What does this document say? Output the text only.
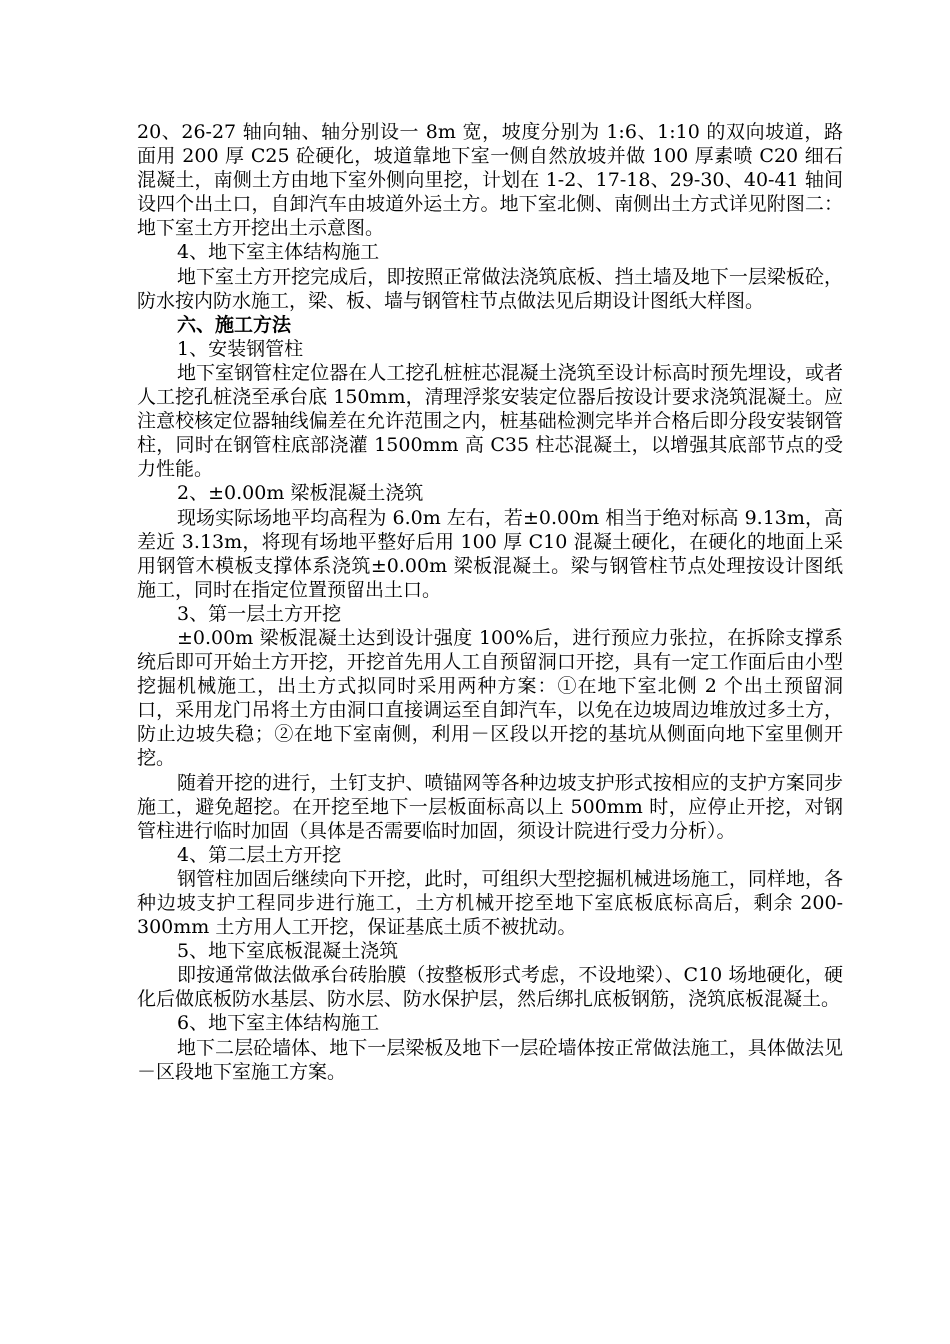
20、26-27 轴向轴、轴分别设一 8m 宽，坡度分别为 1:6、1:10 的双向坡道，路面用 200 厚 C25 砼硬化，坡道靠地下室一侧自然放坡并做 100 厚素喷 C20 细石混凝土，南侧土方由地下室外侧向里挖，计划在 1-2、17-18、29-30、40-41 轴间设四个出土口，自卸汽车由坡道外运土方。地下室北侧、南侧出土方式详见附图二：地下室土方开挖出土示意图。

4、地下室主体结构施工

地下室土方开挖完成后，即按照正常做法浇筑底板、挡土墙及地下一层梁板砼，防水按内防水施工，梁、板、墙与钢管柱节点做法见后期设计图纸大样图。

六、施工方法

1、安装钢管柱

地下室钢管柱定位器在人工挖孔桩桩芯混凝土浇筑至设计标高时预先埋设，或者人工挖孔桩浇至承台底 150mm，清理浮浆安装定位器后按设计要求浇筑混凝土。应注意校核定位器轴线偏差在允许范围之内，桩基础检测完毕并合格后即分段安装钢管柱，同时在钢管柱底部浇灌 1500mm 高 C35 柱芯混凝土，以增强其底部节点的受力性能。

2、±0.00m 梁板混凝土浇筑

现场实际场地平均高程为 6.0m 左右，若±0.00m 相当于绝对标高 9.13m，高差近 3.13m，将现有场地平整好后用 100 厚 C10 混凝土硬化，在硬化的地面上采用钢管木模板支撑体系浇筑±0.00m 梁板混凝土。梁与钢管柱节点处理按设计图纸施工，同时在指定位置预留出土口。

3、第一层土方开挖

±0.00m 梁板混凝土达到设计强度 100%后，进行预应力张拉，在拆除支撑系统后即可开始土方开挖，开挖首先用人工自预留洞口开挖，具有一定工作面后由小型挖掘机械施工，出土方式拟同时采用两种方案：①在地下室北侧 2 个出土预留洞口，采用龙门吊将土方由洞口直接调运至自卸汽车，以免在边坡周边堆放过多土方，防止边坡失稳；②在地下室南侧，利用－区段以开挖的基坑从侧面向地下室里侧开挖。

随着开挖的进行，土钉支护、喷锚网等各种边坡支护形式按相应的支护方案同步施工，避免超挖。在开挖至地下一层板面标高以上 500mm 时，应停止开挖，对钢管柱进行临时加固（具体是否需要临时加固，须设计院进行受力分析）。

4、第二层土方开挖

钢管柱加固后继续向下开挖，此时，可组织大型挖掘机械进场施工，同样地，各种边坡支护工程同步进行施工，土方机械开挖至地下室底板底标高后，剩余 200-300mm 土方用人工开挖，保证基底土质不被扰动。

5、地下室底板混凝土浇筑

即按通常做法做承台砖胎膜（按整板形式考虑，不设地梁）、C10 场地硬化，硬化后做底板防水基层、防水层、防水保护层，然后绑扎底板钢筋，浇筑底板混凝土。

6、地下室主体结构施工

地下二层砼墙体、地下一层梁板及地下一层砼墙体按正常做法施工，具体做法见－区段地下室施工方案。
